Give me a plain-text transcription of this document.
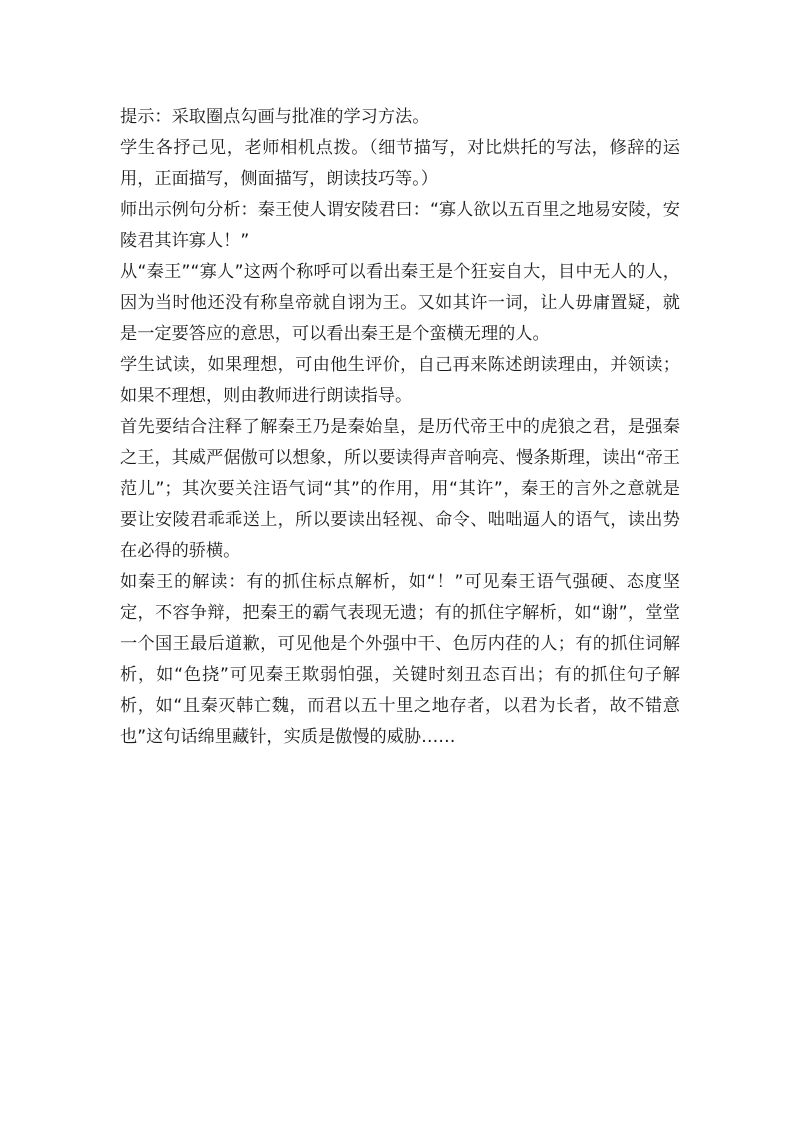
提示：采取圈点勾画与批准的学习方法。

学生各抒己见，老师相机点拨。（细节描写，对比烘托的写法，修辞的运用，正面描写，侧面描写，朗读技巧等。）

师出示例句分析：秦王使人谓安陵君曰：“寡人欲以五百里之地易安陵，安陵君其许寡人！”

从“秦王”“寡人”这两个称呼可以看出秦王是个狂妄自大，目中无人的人，因为当时他还没有称皇帝就自诩为王。又如其许一词，让人毋庸置疑，就是一定要答应的意思，可以看出秦王是个蛮横无理的人。

学生试读，如果理想，可由他生评价，自己再来陈述朗读理由，并领读；如果不理想，则由教师进行朗读指导。

首先要结合注释了解秦王乃是秦始皇，是历代帝王中的虎狼之君，是强秦之王，其威严倨傲可以想象，所以要读得声音响亮、慢条斯理，读出“帝王范儿”；其次要关注语气词“其”的作用，用“其许”，秦王的言外之意就是要让安陵君乖乖送上，所以要读出轻视、命令、咄咄逼人的语气，读出势在必得的骄横。

如秦王的解读：有的抓住标点解析，如“！”可见秦王语气强硬、态度坚定，不容争辩，把秦王的霸气表现无遗；有的抓住字解析，如“谢”，堂堂一个国王最后道歉，可见他是个外强中干、色厉内荏的人；有的抓住词解析，如“色挠”可见秦王欺弱怕强，关键时刻丑态百出；有的抓住句子解析，如“且秦灭韩亡魏，而君以五十里之地存者，以君为长者，故不错意也”这句话绵里藏针，实质是傲慢的威胁……
